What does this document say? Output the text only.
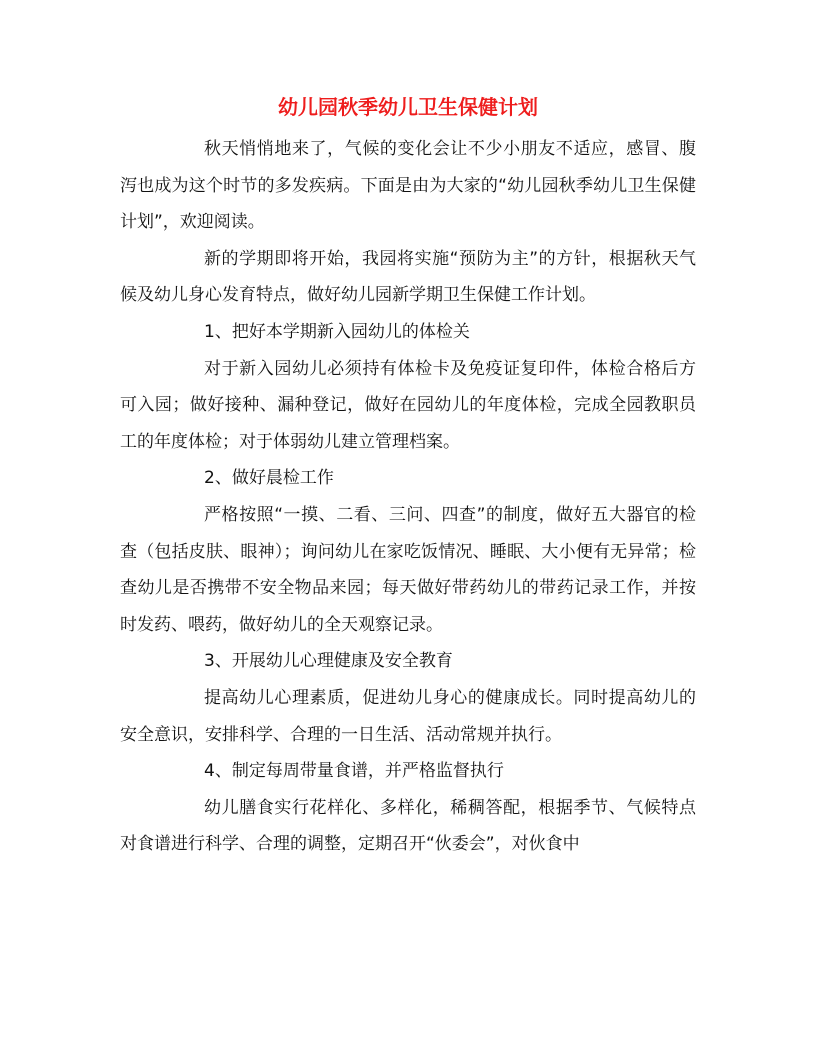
幼儿园秋季幼儿卫生保健计划

秋天悄悄地来了，气候的变化会让不少小朋友不适应，感冒、腹泻也成为这个时节的多发疾病。下面是由为大家的“幼儿园秋季幼儿卫生保健计划”，欢迎阅读。

新的学期即将开始，我园将实施“预防为主”的方针，根据秋天气候及幼儿身心发育特点，做好幼儿园新学期卫生保健工作计划。

1、把好本学期新入园幼儿的体检关

对于新入园幼儿必须持有体检卡及免疫证复印件，体检合格后方可入园；做好接种、漏种登记，做好在园幼儿的年度体检，完成全园教职员工的年度体检；对于体弱幼儿建立管理档案。

2、做好晨检工作

严格按照“一摸、二看、三问、四查”的制度，做好五大器官的检查（包括皮肤、眼神）；询问幼儿在家吃饭情况、睡眠、大小便有无异常；检查幼儿是否携带不安全物品来园；每天做好带药幼儿的带药记录工作，并按时发药、喂药，做好幼儿的全天观察记录。

3、开展幼儿心理健康及安全教育

提高幼儿心理素质，促进幼儿身心的健康成长。同时提高幼儿的安全意识，安排科学、合理的一日生活、活动常规并执行。

4、制定每周带量食谱，并严格监督执行

幼儿膳食实行花样化、多样化，稀稠答配，根据季节、气候特点对食谱进行科学、合理的调整，定期召开“伙委会”，对伙食中
